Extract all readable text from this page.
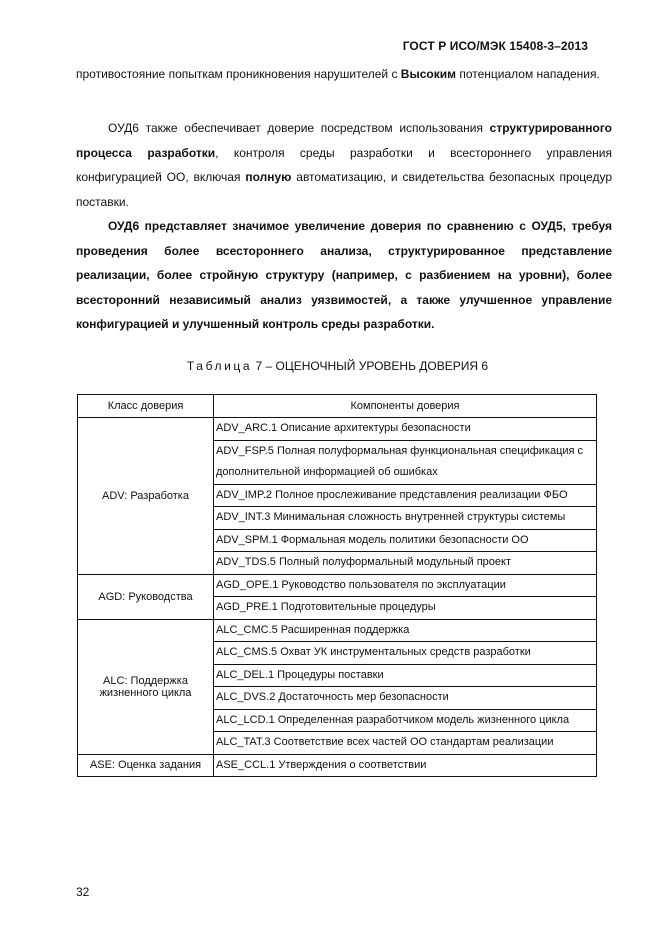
ГОСТ Р ИСО/МЭК 15408-3–2013

противостояние попыткам проникновения нарушителей с Высоким потенциалом нападения.

ОУД6 также обеспечивает доверие посредством использования структурированного процесса разработки, контроля среды разработки и всестороннего управления конфигурацией ОО, включая полную автоматизацию, и свидетельства безопасных процедур поставки.

ОУД6 представляет значимое увеличение доверия по сравнению с ОУД5, требуя проведения более всестороннего анализа, структурированное представление реализации, более стройную структуру (например, с разбиением на уровни), более всесторонний независимый анализ уязвимостей, а также улучшенное управление конфигурацией и улучшенный контроль среды разработки.

Таблица 7 – ОЦЕНОЧНЫЙ УРОВЕНЬ ДОВЕРИЯ 6
Класс доверия	Компоненты доверия
ADV: Разработка	ADV_ARC.1 Описание архитектуры безопасности
	ADV_FSP.5 Полная полуформальная функциональная спецификация с дополнительной информацией об ошибках
	ADV_IMP.2 Полное прослеживание представления реализации ФБО
	ADV_INT.3 Минимальная сложность внутренней структуры системы
	ADV_SPM.1 Формальная модель политики безопасности ОО
	ADV_TDS.5 Полный полуформальный модульный проект
AGD: Руководства	AGD_OPE.1 Руководство пользователя по эксплуатации
	AGD_PRE.1 Подготовительные процедуры
ALC: Поддержка жизненного цикла	ALC_CMC.5 Расширенная поддержка
	ALC_CMS.5 Охват УК инструментальных средств разработки
	ALC_DEL.1 Процедуры поставки
	ALC_DVS.2 Достаточность мер безопасности
	ALC_LCD.1 Определенная разработчиком модель жизненного цикла
	ALC_TAT.3 Соответствие всех частей ОО стандартам реализации
ASE: Оценка задания	ASE_CCL.1 Утверждения о соответствии
32
